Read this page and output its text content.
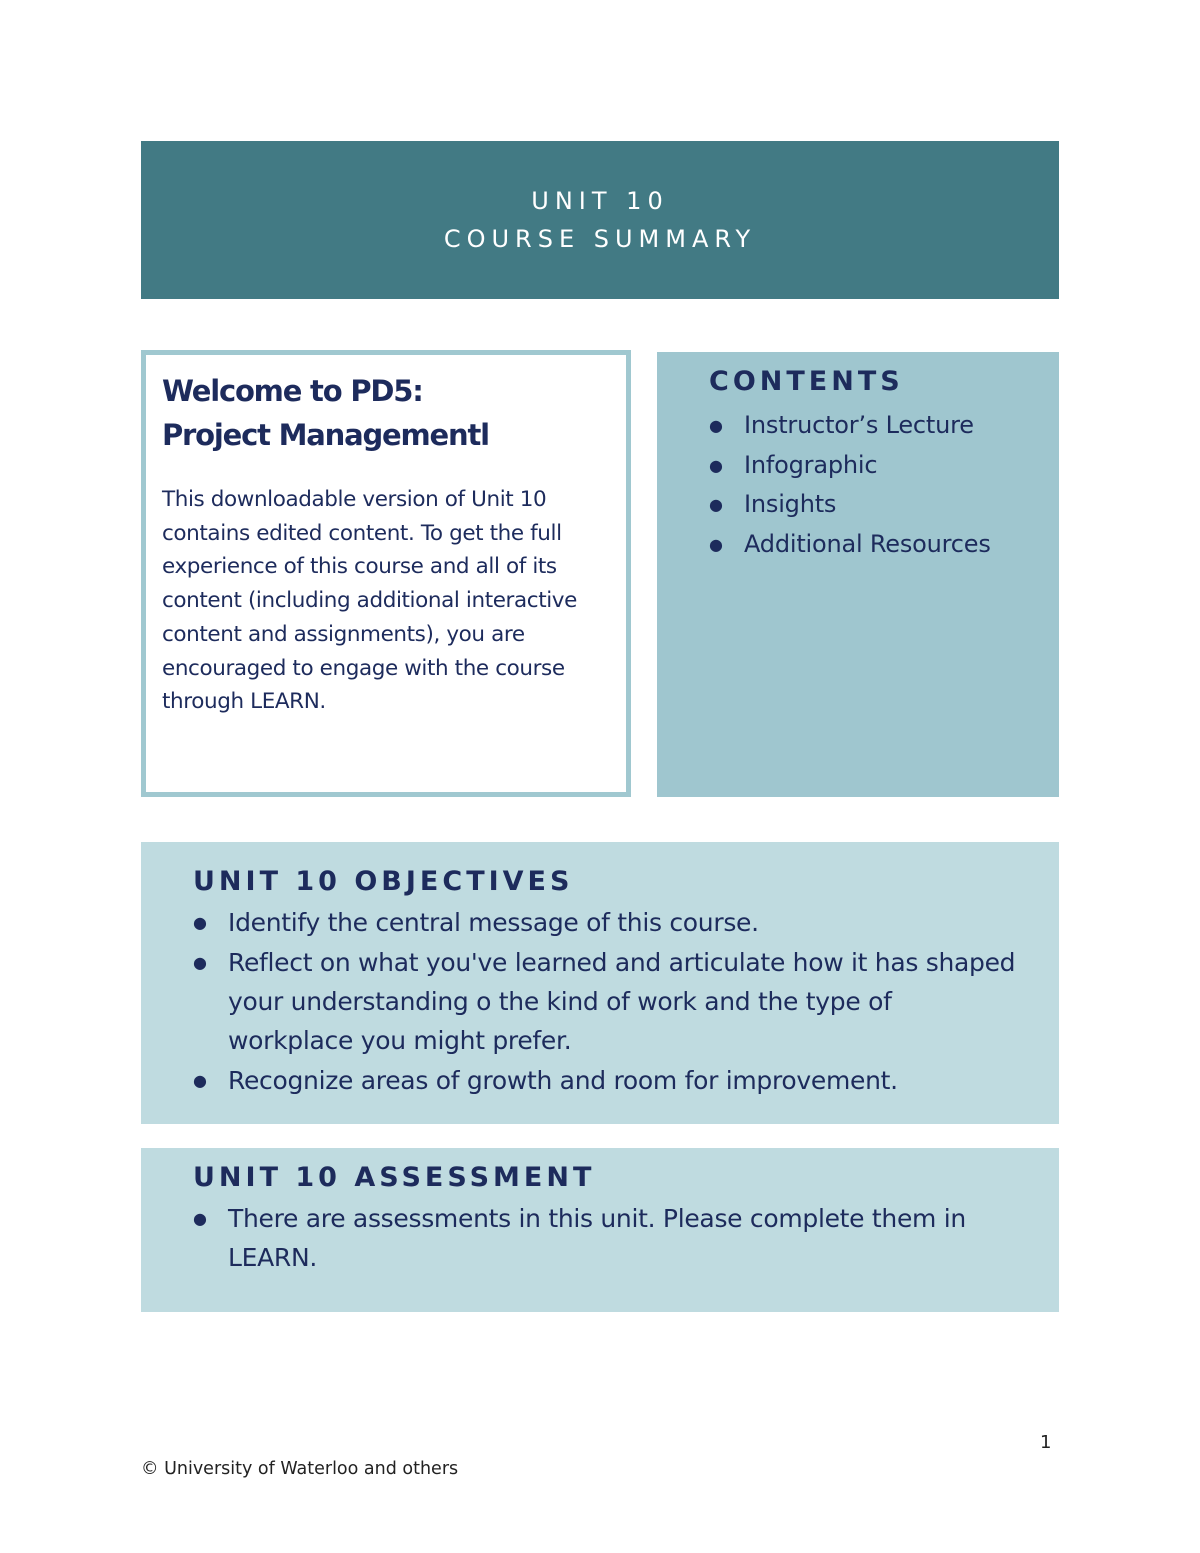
UNIT 10
COURSE SUMMARY
Welcome to PD5:
Project Managementl

This downloadable version of Unit 10 contains edited content. To get the full experience of this course and all of its content (including additional interactive content and assignments), you are encouraged to engage with the course through LEARN.

CONTENTS
● Instructor’s Lecture
● Infographic
● Insights
● Additional Resources
UNIT 10 OBJECTIVES
● Identify the central message of this course.
● Reflect on what you've learned and articulate how it has shaped your understanding o the kind of work and the type of workplace you might prefer.
● Recognize areas of growth and room for improvement.
UNIT 10 ASSESSMENT
● There are assessments in this unit. Please complete them in LEARN.
1
© University of Waterloo and others
